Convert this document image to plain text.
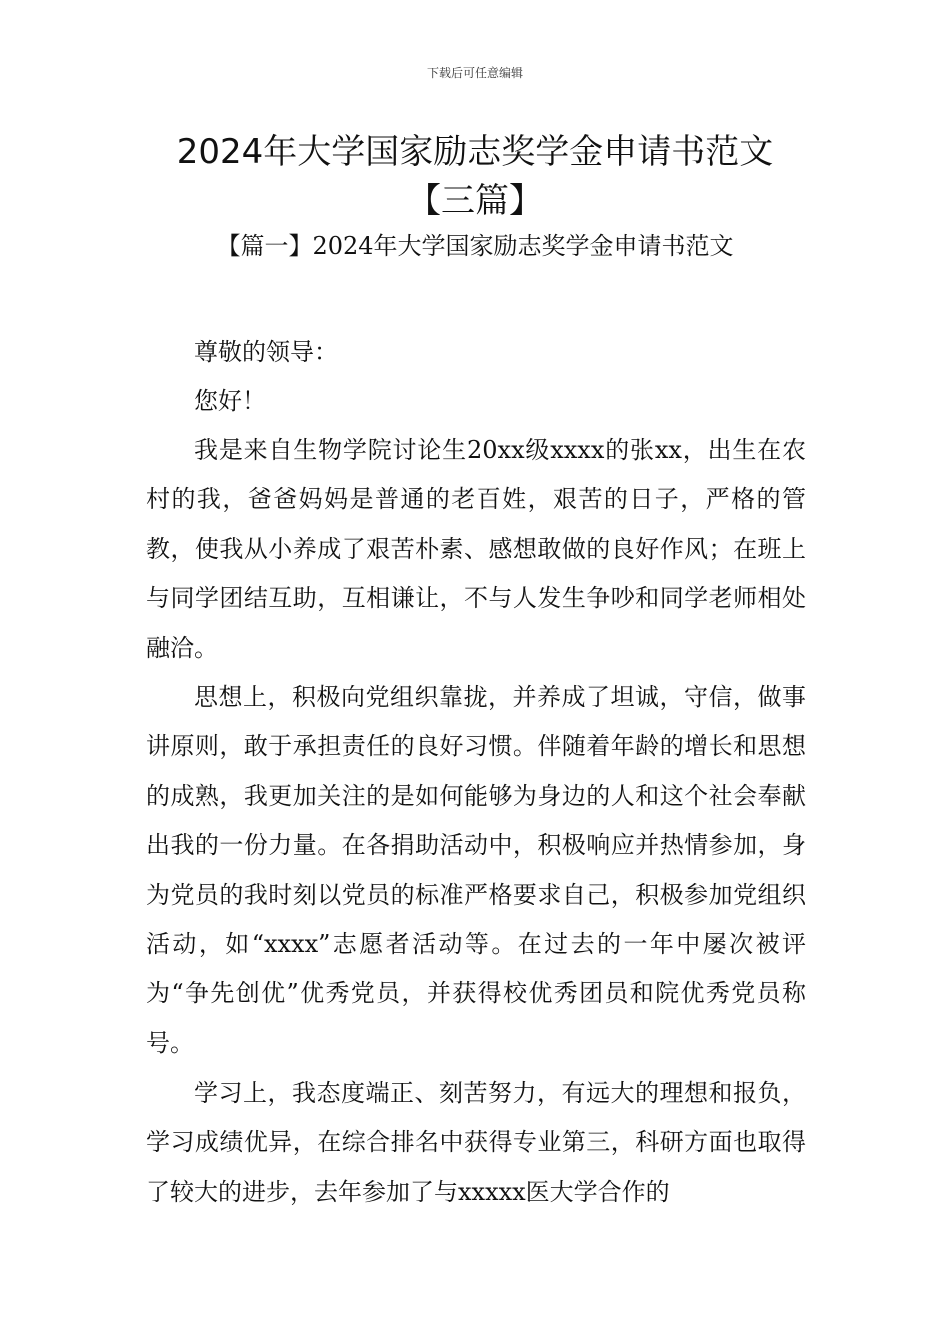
下载后可任意编辑
2024年大学国家励志奖学金申请书范文
【三篇】
【篇一】2024年大学国家励志奖学金申请书范文

尊敬的领导：

您好！

我是来自生物学院讨论生20xx级xxxx的张xx，出生在农村的我，爸爸妈妈是普通的老百姓，艰苦的日子，严格的管教，使我从小养成了艰苦朴素、感想敢做的良好作风；在班上与同学团结互助，互相谦让，不与人发生争吵和同学老师相处融洽。

思想上，积极向党组织靠拢，并养成了坦诚，守信，做事讲原则，敢于承担责任的良好习惯。伴随着年龄的增长和思想的成熟，我更加关注的是如何能够为身边的人和这个社会奉献出我的一份力量。在各捐助活动中，积极响应并热情参加，身为党员的我时刻以党员的标准严格要求自己，积极参加党组织活动，如“xxxx”志愿者活动等。在过去的一年中屡次被评为“争先创优”优秀党员，并获得校优秀团员和院优秀党员称号。

学习上，我态度端正、刻苦努力，有远大的理想和报负，学习成绩优异，在综合排名中获得专业第三，科研方面也取得了较大的进步，去年参加了与xxxxx医大学合作的
